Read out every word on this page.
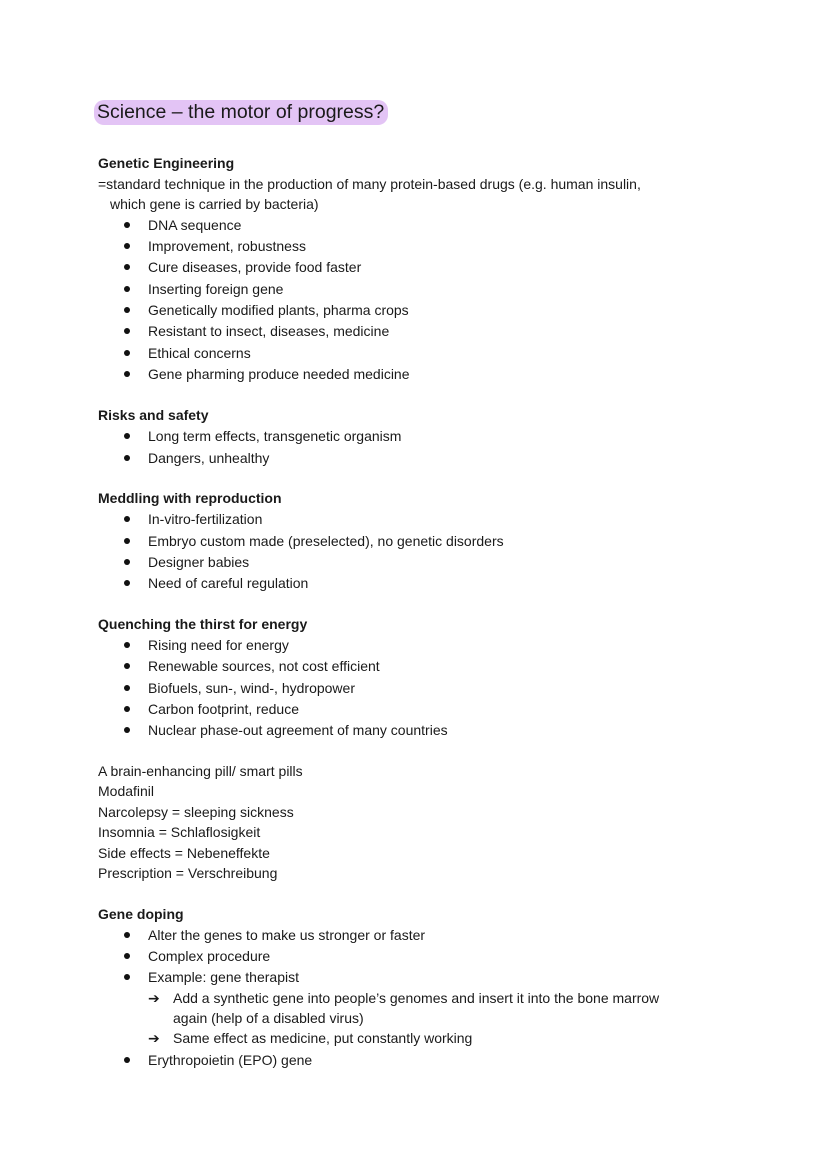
Science – the motor of progress?
Genetic Engineering
=standard technique in the production of many protein-based drugs (e.g. human insulin,
which gene is carried by bacteria)
DNA sequence
Improvement, robustness
Cure diseases, provide food faster
Inserting foreign gene
Genetically modified plants, pharma crops
Resistant to insect, diseases, medicine
Ethical concerns
Gene pharming produce needed medicine
Risks and safety
Long term effects, transgenetic organism
Dangers, unhealthy
Meddling with reproduction
In-vitro-fertilization
Embryo custom made (preselected), no genetic disorders
Designer babies
Need of careful regulation
Quenching the thirst for energy
Rising need for energy
Renewable sources, not cost efficient
Biofuels, sun-, wind-, hydropower
Carbon footprint, reduce
Nuclear phase-out agreement of many countries
A brain-enhancing pill/ smart pills
Modafinil
Narcolepsy = sleeping sickness
Insomnia = Schlaflosigkeit
Side effects = Nebeneffekte
Prescription = Verschreibung
Gene doping
Alter the genes to make us stronger or faster
Complex procedure
Example: gene therapist
➔ Add a synthetic gene into people’s genomes and insert it into the bone marrow
again (help of a disabled virus)
➔ Same effect as medicine, put constantly working
Erythropoietin (EPO) gene
